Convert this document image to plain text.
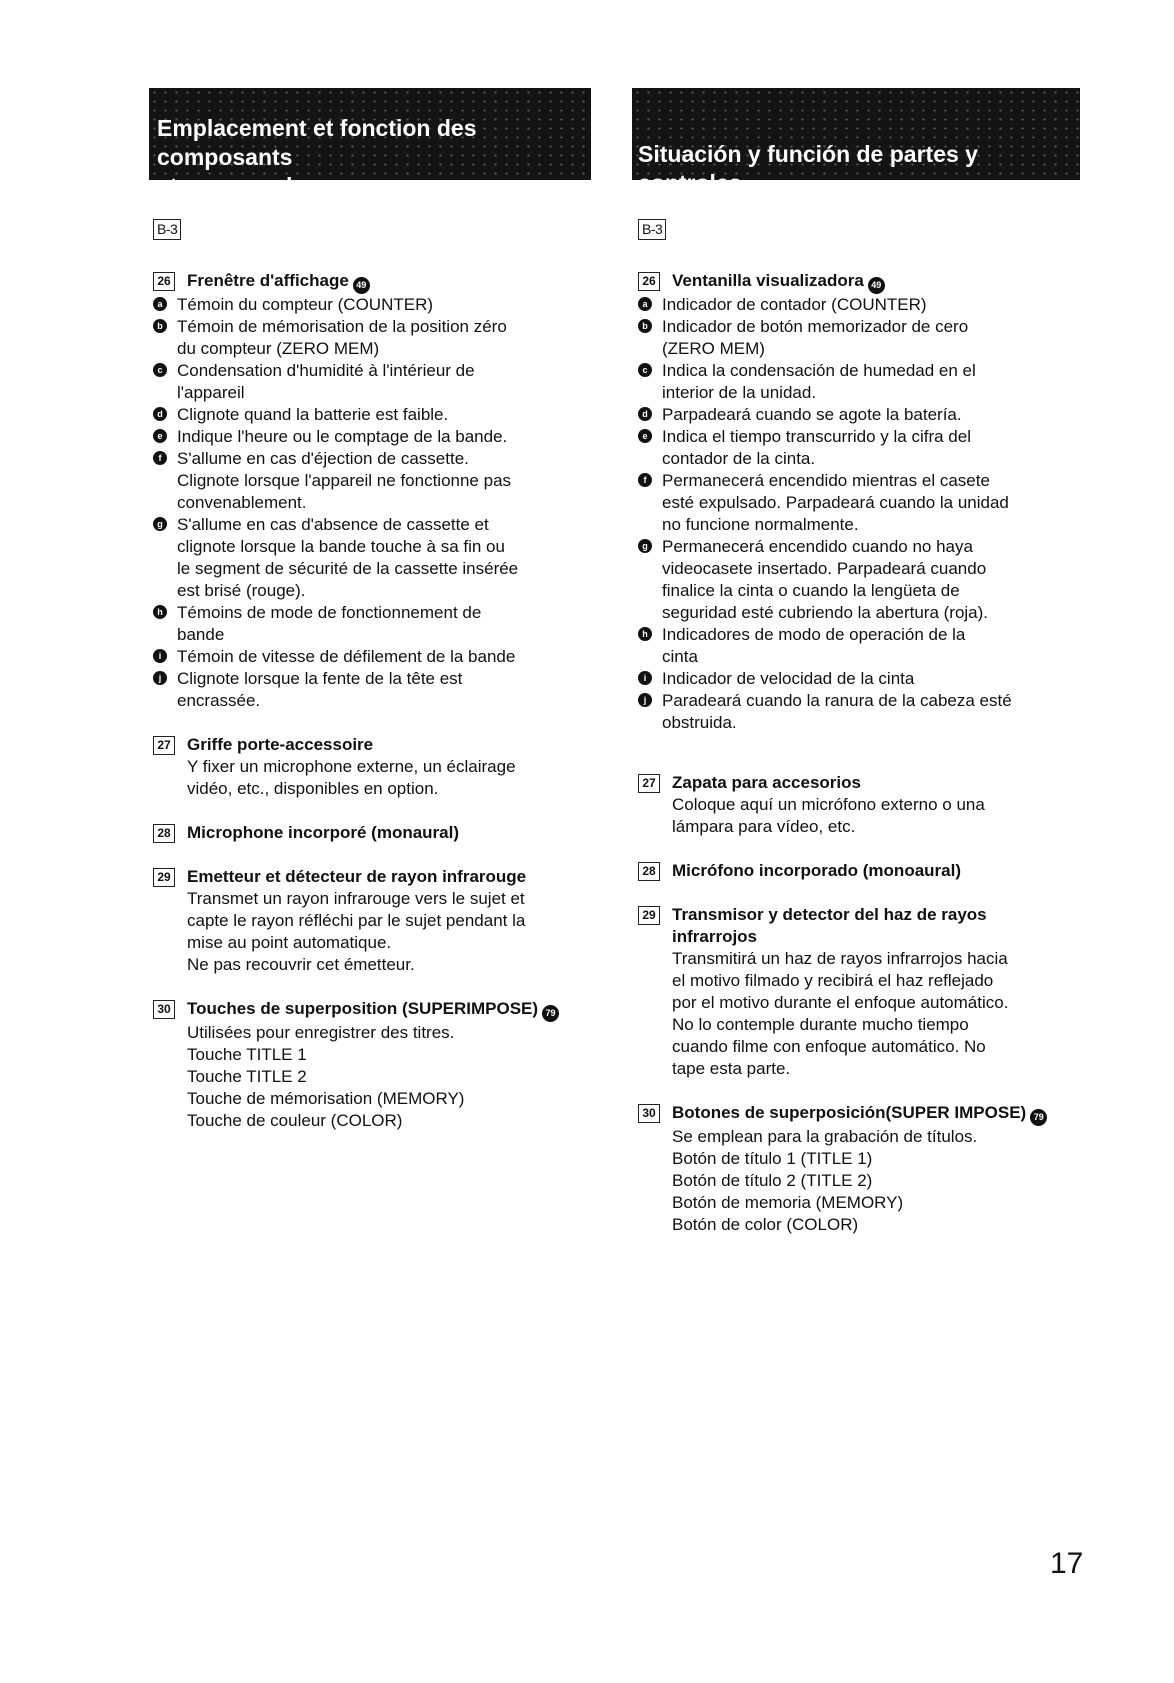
Emplacement et fonction des composants
et commandes
Situación y función de partes y controles
B-3	B-3
26 Frenêtre d'affichage 49
a Témoin du compteur (COUNTER)
b Témoin de mémorisation de la position zéro
du compteur (ZERO MEM)
c Condensation d'humidité à l'intérieur de
l'appareil
d Clignote quand la batterie est faible.
e Indique l'heure ou le comptage de la bande.
f S'allume en cas d'éjection de cassette.
Clignote lorsque l'appareil ne fonctionne pas
convenablement.
g S'allume en cas d'absence de cassette et
clignote lorsque la bande touche à sa fin ou
le segment de sécurité de la cassette insérée
est brisé (rouge).
h Témoins de mode de fonctionnement de
bande
i Témoin de vitesse de défilement de la bande
j Clignote lorsque la fente de la tête est
encrassée.
27 Griffe porte-accessoire
Y fixer un microphone externe, un éclairage
vidéo, etc., disponibles en option.
28 Microphone incorporé (monaural)
29 Emetteur et détecteur de rayon infrarouge
Transmet un rayon infrarouge vers le sujet et
capte le rayon réfléchi par le sujet pendant la
mise au point automatique.
Ne pas recouvrir cet émetteur.
30 Touches de superposition (SUPERIMPOSE) 79
Utilisées pour enregistrer des titres.
Touche TITLE 1
Touche TITLE 2
Touche de mémorisation (MEMORY)
Touche de couleur (COLOR)
26 Ventanilla visualizadora 49
a Indicador de contador (COUNTER)
b Indicador de botón memorizador de cero
(ZERO MEM)
c Indica la condensación de humedad en el
interior de la unidad.
d Parpadeará cuando se agote la batería.
e Indica el tiempo transcurrido y la cifra del
contador de la cinta.
f Permanecerá encendido mientras el casete
esté expulsado. Parpadeará cuando la unidad
no funcione normalmente.
g Permanecerá encendido cuando no haya
videocasete insertado. Parpadeará cuando
finalice la cinta o cuando la lengüeta de
seguridad esté cubriendo la abertura (roja).
h Indicadores de modo de operación de la
cinta
i Indicador de velocidad de la cinta
j Paradeará cuando la ranura de la cabeza esté
obstruida.
27 Zapata para accesorios
Coloque aquí un micrófono externo o una
lámpara para vídeo, etc.
28 Micrófono incorporado (monoaural)
29 Transmisor y detector del haz de rayos
infrarrojos
Transmitirá un haz de rayos infrarrojos hacia
el motivo filmado y recibirá el haz reflejado
por el motivo durante el enfoque automático.
No lo contemple durante mucho tiempo
cuando filme con enfoque automático. No
tape esta parte.
30 Botones de superposición(SUPER IMPOSE) 79
Se emplean para la grabación de títulos.
Botón de título 1 (TITLE 1)
Botón de título 2 (TITLE 2)
Botón de memoria (MEMORY)
Botón de color (COLOR)
17
